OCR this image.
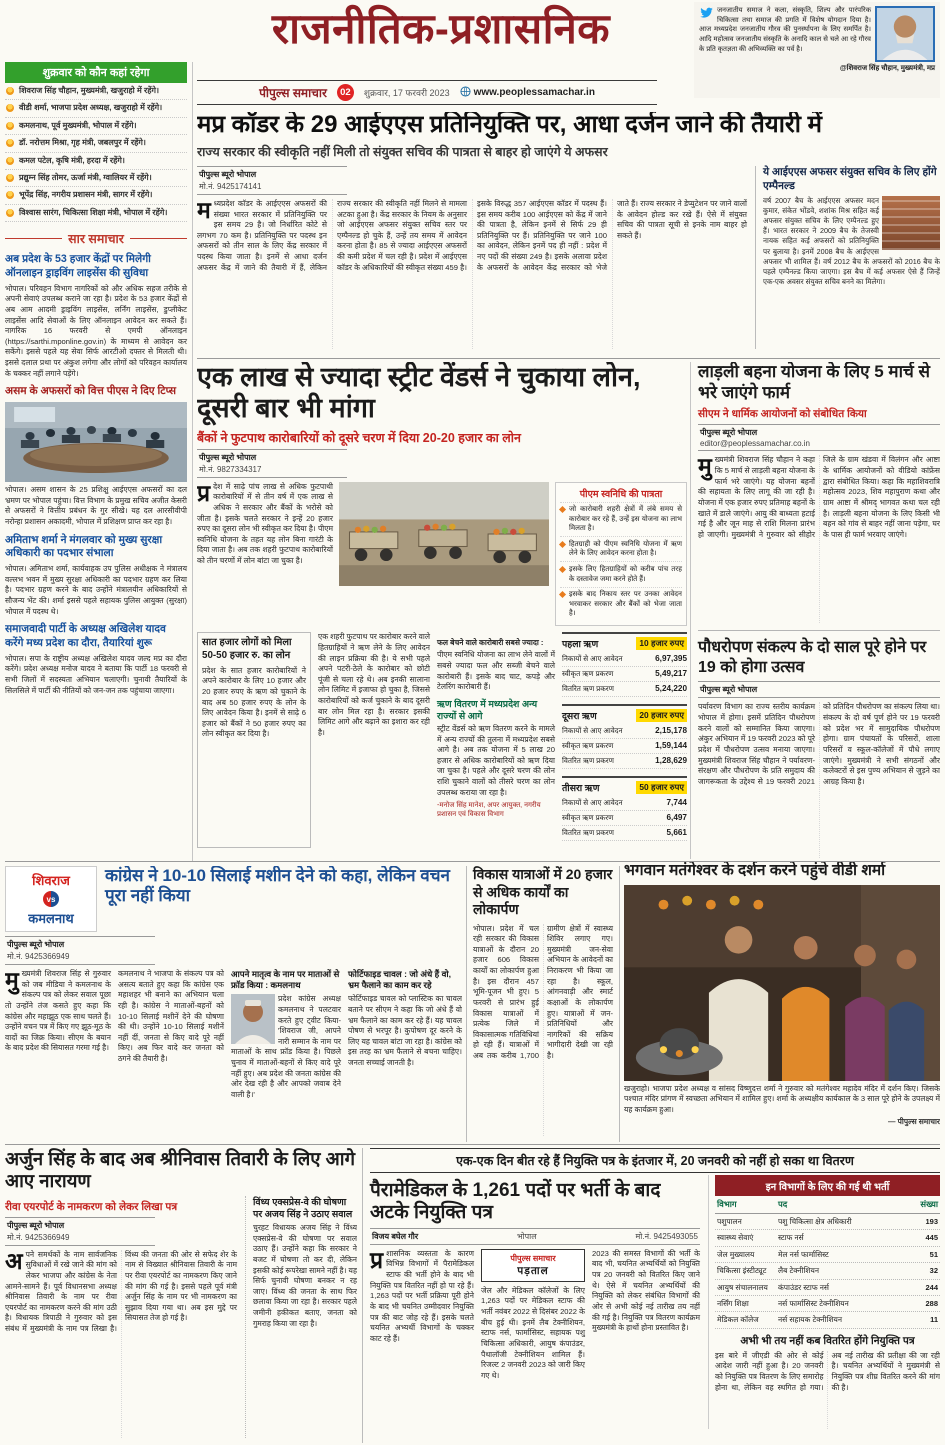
राजनीतिक-प्रशासनिक	जनजातीय समाज ने कला, संस्कृति, शिल्प और पारंपरिक चिकित्सा तथा समाज की प्रगति में विशेष योगदान दिया है। आज मध्यप्रदेश जनजातीय गौरव की पुनर्स्थापना के लिए समर्पित है। आदि महोत्सव जनजातीय संस्कृति के अनादि काल से चले आ रहे गौरव के प्रति कृतज्ञता की अभिव्यक्ति का पर्व है।

@शिवराज सिंह चौहान, मुख्यमंत्री, मप्र
पीपुल्स समाचार	02	शुक्रवार, 17 फरवरी 2023 www.peoplessamachar.in
शुक्रवार को कौन कहां रहेगा
शिवराज सिंह चौहान, मुख्यमंत्री, खजुराहो में रहेंगे।
वीडी शर्मा, भाजपा प्रदेश अध्यक्ष, खजुराहो में रहेंगे।
कमलनाथ, पूर्व मुख्यमंत्री, भोपाल में रहेंगे।
डॉ. नरोत्तम मिश्रा, गृह मंत्री, जबलपुर में रहेंगे।
कमल पटेल, कृषि मंत्री, हरदा में रहेंगे।
प्रद्युम्न सिंह तोमर, ऊर्जा मंत्री, ग्वालियर में रहेंगे।
भूपेंद्र सिंह, नगरीय प्रशासन मंत्री, सागर में रहेंगे।
विश्वास सारंग, चिकित्सा शिक्षा मंत्री, भोपाल में रहेंगे।
सार समाचार
अब प्रदेश के 53 हजार केंद्रों पर मिलेगी ऑनलाइन ड्राइविंग लाइसेंस की सुविधा

भोपाल। परिवहन विभाग नागरिकों को और अधिक सहज तरीके से अपनी सेवाएं उपलब्ध कराने जा रहा है। प्रदेश के 53 हजार केंद्रों से अब आम आदमी ड्राइविंग लाइसेंस, लर्निंग लाइसेंस, डुप्लीकेट लाइसेंस आदि सेवाओं के लिए ऑनलाइन आवेदन कर सकते हैं। नागरिक 16 फरवरी से एमपी ऑनलाइन (https://sarthi.mponline.gov.in) के माध्यम से आवेदन कर सकेंगे। इससे पहले यह सेवा सिर्फ आरटीओ दफ्तर से मिलती थी। इससे दलाल प्रथा पर अंकुश लगेगा और लोगों को परिवहन कार्यालय के चक्कर नहीं लगाने पड़ेंगे।

असम के अफसरों को वित्त पीएस ने दिए टिप्स

भोपाल। असम शासन के 25 प्रशिक्षु आईएएस अफसरों का दल भ्रमण पर भोपाल पहुंचा। वित्त विभाग के प्रमुख सचिव अजीत केसरी से अफसरों ने वित्तीय प्रबंधन के गुर सीखे। यह दल आरसीवीपी नरोन्हा प्रशासन अकादमी, भोपाल में प्रशिक्षण प्राप्त कर रहा है।

अमिताभ शर्मा ने मंगलवार को मुख्य सुरक्षा अधिकारी का पदभार संभाला

भोपाल। अमिताभ शर्मा, कार्यवाहक उप पुलिस अधीक्षक ने मंत्रालय वल्लभ भवन में मुख्य सुरक्षा अधिकारी का पदभार ग्रहण कर लिया है। पदभार ग्रहण करने के बाद उन्होंने मंत्रालयीन अधिकारियों से सौजन्य भेंट की। शर्मा इससे पहले सहायक पुलिस आयुक्त (सुरक्षा) भोपाल में पदस्थ थे।

समाजवादी पार्टी के अध्यक्ष अखिलेश यादव करेंगे मध्य प्रदेश का दौरा, तैयारियां शुरू

भोपाल। सपा के राष्ट्रीय अध्यक्ष अखिलेश यादव जल्द मप्र का दौरा करेंगे। प्रदेश अध्यक्ष मनोज यादव ने बताया कि पार्टी 18 फरवरी से सभी जिलों में सदस्यता अभियान चलाएगी। चुनावी तैयारियों के सिलसिले में पार्टी की नीतियों को जन-जन तक पहुंचाया जाएगा।

मप्र कॉडर के 29 आईएएस प्रतिनियुक्ति पर, आधा दर्जन जाने की तैयारी में
राज्य सरकार की स्वीकृति नहीं मिली तो संयुक्त सचिव की पात्रता से बाहर हो जाएंगे ये अफसर
पीपुल्स ब्यूरो भोपाल
मो.नं. 9425174141
मध्यप्रदेश कॉडर के आईएएस अफसरों की संख्या भारत सरकार में प्रतिनियुक्ति पर इस समय 29 है। जो निर्धारित कोटे से लगभग 70 कम है। प्रतिनियुक्ति पर पदस्थ इन अफसरों को तीन साल के लिए केंद्र सरकार में पदस्थ किया जाता है। इनमें से आधा दर्जन अफसर केंद्र में जाने की तैयारी में हैं, लेकिन राज्य सरकार की स्वीकृति नहीं मिलने से मामला अटका हुआ है। केंद्र सरकार के नियम के अनुसार जो आईएएस अफसर संयुक्त सचिव स्तर पर एम्पैनल्ड हो चुके हैं, उन्हें तय समय में आवेदन करना होता है। 85 से ज्यादा आईएएस अफसरों की कमी प्रदेश में चल रही है। प्रदेश में आईएएस कॉडर के अधिकारियों की स्वीकृत संख्या 459 है। इसके विरुद्ध 357 आईएएस कॉडर में पदस्थ हैं। इस समय करीब 100 आईएएस को केंद्र में जाने की पात्रता है, लेकिन इनमें से सिर्फ 29 ही प्रतिनियुक्ति पर हैं। प्रतिनियुक्ति पर जाने 100 का आवेदन, लेकिन इनमें पद ही नहीं : प्रदेश में नए पदों की संख्या 249 है। इसके अलावा प्रदेश के अफसरों के आवेदन केंद्र सरकार को भेजे जाते हैं। राज्य सरकार ने डेप्युटेशन पर जाने वालों के आवेदन होल्ड कर रखे हैं। ऐसे में संयुक्त सचिव की पात्रता सूची से इनके नाम बाहर हो सकते हैं।
ये आईएएस अफसर संयुक्त सचिव के लिए होंगे एम्पैनल्ड

वर्ष 2007 बैच के आईएएस अफसर मदन कुमार, संकेत भोंडवे, शशांक मिश्र सहित कई अफसर संयुक्त सचिव के लिए एम्पैनल्ड हुए हैं। भारत सरकार ने 2009 बैच के तेजस्वी नायक सहित कई अफसरों को प्रतिनियुक्ति पर बुलाया है। इनमें 2008 बैच के आईएएस अफसर भी शामिल हैं। वर्ष 2012 बैच के अफसरों को 2016 बैच के पहले एम्पैनल्ड किया जाएगा। इस बैच में कई अफसर ऐसे हैं जिन्हें एक-एक अवसर संयुक्त सचिव बनने का मिलेगा।

एक लाख से ज्यादा स्ट्रीट वेंडर्स ने चुकाया लोन, दूसरी बार भी मांगा
बैंकों ने फुटपाथ कारोबारियों को दूसरे चरण में दिया 20-20 हजार का लोन
पीपुल्स ब्यूरो भोपाल
मो.नं. 9827334317
प्रदेश में साढ़े पांच लाख से अधिक फुटपाथी कारोबारियों में से तीन वर्ष में एक लाख से अधिक ने सरकार और बैंकों के भरोसे को जीता है। इसके चलते सरकार ने इन्हें 20 हजार रुपए का दूसरा लोन भी स्वीकृत कर दिया है। पीएम स्वनिधि योजना के तहत यह लोन बिना गारंटी के दिया जाता है। अब तक शहरी फुटपाथ कारोबारियों को तीन चरणों में लोन बांटा जा चुका है।
पीएम स्वनिधि की पात्रता
जो कारोबारी शहरी क्षेत्रों में लंबे समय से कारोबार कर रहे हैं, उन्हें इस योजना का लाभ मिलता है।
हितग्राही को पीएम स्वनिधि योजना में ऋण लेने के लिए आवेदन करना होता है।
इसके लिए हितग्राहियों को करीब पांच तरह के दस्तावेज जमा करने होते हैं।
इसके बाद निकाय स्तर पर उनका आवेदन भरवाकर सरकार और बैंकों को भेजा जाता है।
सात हजार लोगों को मिला 50-50 हजार रु. का लोन

प्रदेश के सात हजार कारोबारियों ने अपने कारोबार के लिए 10 हजार और 20 हजार रुपए के ऋण को चुकाने के बाद अब 50 हजार रुपए के लोन के लिए आवेदन किया है। इनमें से साढ़े 6 हजार को बैंकों ने 50 हजार रुपए का लोन स्वीकृत कर दिया है।

एक शहरी फुटपाथ पर कारोबार करने वाले हितग्राहियों ने ऋण लेने के लिए आवेदन की लाइन प्रक्रिया की है। ये सभी पहले अपने पटरी-ठेले के कारोबार को छोटी पूंजी से चला रहे थे। अब इनकी सालाना लोन लिमिट में इजाफा हो चुका है, जिससे कारोबारियों को कर्ज चुकाने के बाद दूसरी बार लोन मिल रहा है। सरकार इसकी लिमिट आगे और बढ़ाने का इशारा कर रही है।
फल बेचने वाले कारोबारी सबसे ज्यादा :

पीएम स्वनिधि योजना का लाभ लेने वालों में सबसे ज्यादा फल और सब्जी बेचने वाले कारोबारी हैं। इसके बाद चाट, कपड़े और टेलरिंग कारोबारी हैं।

ऋण वितरण में मध्यप्रदेश अन्य राज्यों से आगे

स्ट्रीट वेंडर्स को ऋण वितरण करने के मामले में अन्य राज्यों की तुलना में मध्यप्रदेश सबसे आगे है। अब तक योजना में 5 लाख 20 हजार से अधिक कारोबारियों को ऋण दिया जा चुका है। पहले और दूसरे चरण की लोन राशि चुकाने वालों को तीसरे चरण का लोन उपलब्ध कराया जा रहा है।

-मनोज सिंह मानेश, अपर आयुक्त, नगरीय प्रशासन एवं विकास विभाग
पहला ऋण	10 हजार रुपए
निकायों से आए आवेदन	6,97,395
स्वीकृत ऋण प्रकरण	5,49,217
वितरित ऋण प्रकरण	5,24,220
दूसरा ऋण	20 हजार रुपए
निकायों से आए आवेदन	2,15,178
स्वीकृत ऋण प्रकरण	1,59,144
वितरित ऋण प्रकरण	1,28,629
तीसरा ऋण	50 हजार रुपए
निकायों से आए आवेदन	7,744
स्वीकृत ऋण प्रकरण	6,497
वितरित ऋण प्रकरण	5,661
लाड़ली बहना योजना के लिए 5 मार्च से भरे जाएंगे फार्म
सीएम ने धार्मिक आयोजनों को संबोधित किया
पीपुल्स ब्यूरो भोपाल
editor@peoplessamachar.co.in
मुख्यमंत्री शिवराज सिंह चौहान ने कहा कि 5 मार्च से लाड़ली बहना योजना के फार्म भरे जाएंगे। यह योजना बहनों की सहायता के लिए लागू की जा रही है। योजना में एक हजार रुपए प्रतिमाह बहनों के खाते में डाले जाएंगे। आयु की बाध्यता हटाई गई है और जून माह से राशि मिलना प्रारंभ हो जाएगी। मुख्यमंत्री ने गुरुवार को सीहोर जिले के ग्राम खंडवा में विलंगन और आष्टा के धार्मिक आयोजनों को वीडियो कांफ्रेंस द्वारा संबोधित किया। कहा कि महाशिवरात्रि महोत्सव 2023, शिव महापुराण कथा और ग्राम आष्टा में श्रीमद् भागवत कथा चल रही है। लाड़ली बहना योजना के लिए किसी भी बहन को गांव से बाहर नहीं जाना पड़ेगा, घर के पास ही फार्म भरवाए जाएंगे।
पौधरोपण संकल्प के दो साल पूरे होने पर 19 को होगा उत्सव
पीपुल्स ब्यूरो भोपाल
पर्यावरण विभाग का राज्य स्तरीय कार्यक्रम भोपाल में होगा। इसमें प्रतिदिन पौधरोपण करने वालों को सम्मानित किया जाएगा। अंकुर अभियान में 19 फरवरी 2023 को पूरे प्रदेश में पौधरोपण उत्सव मनाया जाएगा। मुख्यमंत्री शिवराज सिंह चौहान ने पर्यावरण-संरक्षण और पौधरोपण के प्रति समुदाय की जागरूकता के उद्देश्य से 19 फरवरी 2021 को प्रतिदिन पौधरोपण का संकल्प लिया था। संकल्प के दो वर्ष पूर्ण होने पर 19 फरवरी को प्रदेश भर में सामुदायिक पौधरोपण होगा। ग्राम पंचायतों के परिसरों, शाला परिसरों व स्कूल-कॉलेजों में पौधे लगाए जाएंगे। मुख्यमंत्री ने सभी संगठनों और कलेक्टरों से इस पुण्य अभियान से जुड़ने का आग्रह किया है।
शिवराज
vs
कमलनाथ
कांग्रेस ने 10-10 सिलाई मशीन देने को कहा, लेकिन वचन पूरा नहीं किया
पीपुल्स ब्यूरो भोपाल
मो.नं. 9425366949
मुख्यमंत्री शिवराज सिंह से गुरुवार को जब मीडिया ने कमलनाथ के संकल्प पत्र को लेकर सवाल पूछा तो उन्होंने तंज कसते हुए कहा कि कांग्रेस और महाझूठ एक साथ चलते हैं। उन्होंने वचन पत्र में किए गए झूठ-मूठ के वादों का जिक्र किया। सीएम के बयान के बाद प्रदेश की सियासत गरमा गई है।
कमलनाथ ने भाजपा के संकल्प पत्र को असत्य बताते हुए कहा कि कांग्रेस एक महाशहर भी बनाने का अभियान चला रही है। कांग्रेस ने माताओं-बहनों को 10-10 सिलाई मशीनें देने की घोषणा की थी। उन्होंने 10-10 सिलाई मशीनें नहीं दीं, जनता से किए वादे पूरे नहीं किए। अब फिर वादे कर जनता को ठगने की तैयारी है।
आपने मातृत्व के नाम पर माताओं से फ्रॉड किया : कमलनाथ

प्रदेश कांग्रेस अध्यक्ष कमलनाथ ने पलटवार करते हुए ट्वीट किया- 'शिवराज जी, आपने नारी सम्मान के नाम पर माताओं के साथ फ्रॉड किया है। पिछले चुनाव में माताओं-बहनों से किए वादे पूरे नहीं हुए। अब प्रदेश की जनता कांग्रेस की ओर देख रही है और आपको जवाब देने वाली है।'

फोर्टिफाइड चावल : जो अंधे हैं वो, भ्रम फैलाने का काम कर रहे

फोर्टिफाइड चावल को प्लास्टिक का चावल बताने पर सीएम ने कहा कि जो अंधे हैं वो भ्रम फैलाने का काम कर रहे हैं। यह चावल पोषण से भरपूर है। कुपोषण दूर करने के लिए यह चावल बांटा जा रहा है। कांग्रेस को इस तरह का भ्रम फैलाने से बचना चाहिए। जनता सच्चाई जानती है।

विकास यात्राओं में 20 हजार से अधिक कार्यों का लोकार्पण
भोपाल। प्रदेश में चल रही सरकार की विकास यात्राओं के दौरान 20 हजार 606 विकास कार्यों का लोकार्पण हुआ है। इस दौरान 457 भूमि-पूजन भी हुए। 5 फरवरी से प्रारंभ हुई विकास यात्राओं में प्रत्येक जिले में विकासात्मक गतिविधियां हो रही हैं। यात्राओं में अब तक करीब 1,700 ग्रामीण क्षेत्रों में स्वास्थ्य शिविर लगाए गए। मुख्यमंत्री जन-सेवा अभियान के आवेदनों का निराकरण भी किया जा रहा है। स्कूल, आंगनवाड़ी और स्मार्ट कक्षाओं के लोकार्पण हुए। यात्राओं में जन-प्रतिनिधियों और नागरिकों की सक्रिय भागीदारी देखी जा रही है।
भगवान मतंगेश्वर के दर्शन करने पहुंचे वीडी शर्मा

खजुराहो। भाजपा प्रदेश अध्यक्ष व सांसद विष्णुदत्त शर्मा ने गुरुवार को मतंगेश्वर महादेव मंदिर में दर्शन किए। जिसके पश्चात मंदिर प्रांगण में स्वच्छता अभियान में शामिल हुए। शर्मा के अध्यक्षीय कार्यकाल के 3 साल पूरे होने के उपलक्ष्य में यह कार्यक्रम हुआ।

— पीपुल्स समाचार
अर्जुन सिंह के बाद अब श्रीनिवास तिवारी के लिए आगे आए नारायण
रीवा एयरपोर्ट के नामकरण को लेकर लिखा पत्र
पीपुल्स ब्यूरो भोपाल
मो.नं. 9425366949
अपने समर्थकों के नाम सार्वजनिक सुविधाओं में रखे जाने की मांग को लेकर भाजपा और कांग्रेस के नेता आमने-सामने हैं। पूर्व विधानसभा अध्यक्ष श्रीनिवास तिवारी के नाम पर रीवा एयरपोर्ट का नामकरण करने की मांग उठी है। विधायक त्रिपाठी ने गुरुवार को इस संबंध में मुख्यमंत्री के नाम पत्र लिखा है। विंध्य की जनता की ओर से सफेद शेर के नाम से विख्यात श्रीनिवास तिवारी के नाम पर रीवा एयरपोर्ट का नामकरण किए जाने की मांग की गई है। इससे पहले पूर्व मंत्री अर्जुन सिंह के नाम पर भी नामकरण का सुझाव दिया गया था। अब इस मुद्दे पर सियासत तेज हो गई है।
विंध्य एक्सप्रेस-वे की घोषणा पर अजय सिंह ने उठाए सवाल

चुरहट विधायक अजय सिंह ने विंध्य एक्सप्रेस-वे की घोषणा पर सवाल उठाए हैं। उन्होंने कहा कि सरकार ने बजट में घोषणा तो कर दी, लेकिन इसकी कोई रूपरेखा सामने नहीं है। यह सिर्फ चुनावी घोषणा बनकर न रह जाए। विंध्य की जनता के साथ फिर छलावा किया जा रहा है। सरकार पहले जमीनी हकीकत बताए, जनता को गुमराह किया जा रहा है।

एक-एक दिन बीत रहे हैं नियुक्ति पत्र के इंतजार में, 20 जनवरी को नहीं हो सका था वितरण
पैरामेडिकल के 1,261 पदों पर भर्ती के बाद अटके नियुक्ति पत्र
विजय बघेल गौर	भोपाल	मो.नं. 9425493055
प्रशासनिक व्यस्तता के कारण विभिन्न विभागों में पैरामेडिकल स्टाफ की भर्ती होने के बाद भी नियुक्ति पत्र वितरित नहीं हो पा रहे हैं। 1,263 पदों पर भर्ती प्रक्रिया पूरी होने के बाद भी चयनित उम्मीदवार नियुक्ति पत्र की बाट जोह रहे हैं। इसके चलते चयनित अभ्यर्थी विभागों के चक्कर काट रहे हैं।
पीपुल्स समाचार
पड़ताल

जेल और मेडिकल कॉलेजों के लिए 1,263 पदों पर मेडिकल स्टाफ की भर्ती नवंबर 2022 से दिसंबर 2022 के बीच हुई थी। इनमें लैब टेक्नीशियन, स्टाफ नर्स, फार्मासिस्ट, सहायक पशु चिकित्सा अधिकारी, आयुष कंपाउंडर, पैथालॉजी टेक्नीशियन शामिल हैं। रिजल्ट 2 जनवरी 2023 को जारी किए गए थे।

2023 की समस्त विभागों की भर्ती के बाद भी, चयनित अभ्यर्थियों को नियुक्ति पत्र 20 जनवरी को वितरित किए जाने थे। ऐसे में चयनित अभ्यर्थियों की नियुक्ति को लेकर संबंधित विभागों की ओर से अभी कोई नई तारीख तय नहीं की गई है। नियुक्ति पत्र वितरण कार्यक्रम मुख्यमंत्री के हाथों होना प्रस्तावित है।
इन विभागों के लिए की गई थी भर्ती
विभाग	पद	संख्या
पशुपालन	पशु चिकित्सा क्षेत्र अधिकारी	193
स्वास्थ्य सेवाएं	स्टाफ नर्स	445
जेल मुख्यालय	मेल नर्स फार्मासिस्ट	51
चिकित्सा इंस्टीट्यूट	लैब टेक्नीशियन	32
आयुष संचालनालय	कंपाउंडर स्टाफ नर्स	244
नर्सिंग शिक्षा	नर्स फार्मासिस्ट टेक्नीशियन	288
मेडिकल कॉलेज	नर्स सहायक टेक्नीशियन	11
अभी भी तय नहीं कब वितरित होंगे नियुक्ति पत्र
इस बारे में जीएडी की ओर से कोई आदेश जारी नहीं हुआ है। 20 जनवरी को नियुक्ति पत्र वितरण के लिए समारोह होना था, लेकिन वह स्थगित हो गया। अब नई तारीख की प्रतीक्षा की जा रही है। चयनित अभ्यर्थियों ने मुख्यमंत्री से नियुक्ति पत्र शीघ्र वितरित करने की मांग की है।
